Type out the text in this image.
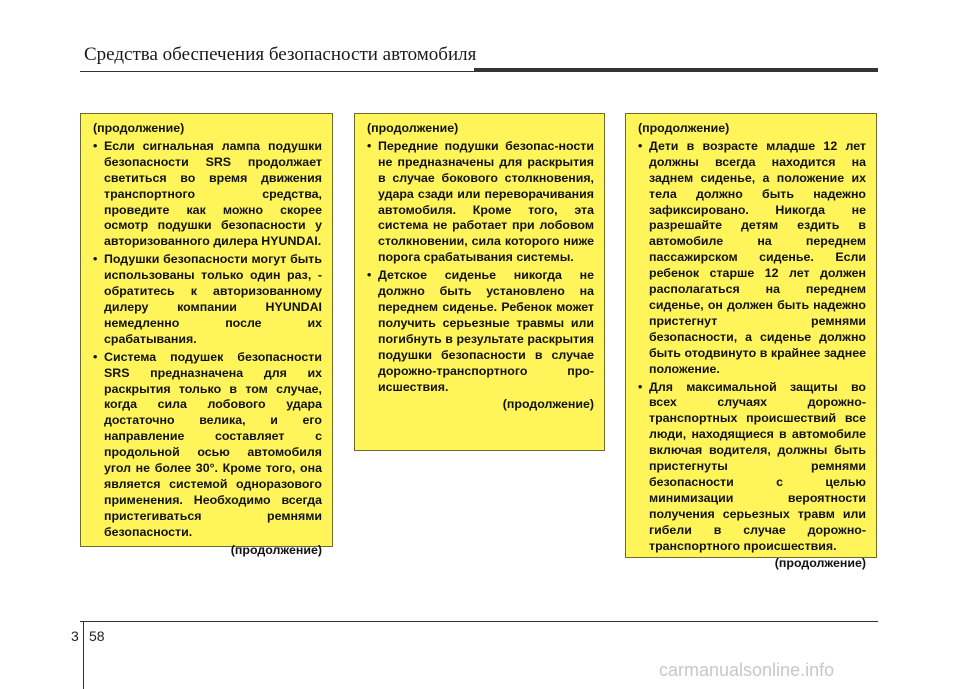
Средства обеспечения безопасности автомобиля
(продолжение)
• Если сигнальная лампа подушки безопасности SRS продолжает светиться во время движения транспортного средства, проведите как можно скорее осмотр подушки безопасности у авторизованного дилера HYUNDAI.
• Подушки безопасности могут быть использованы только один раз, - обратитесь к авторизованному дилеру компании HYUNDAI немедленно после их срабатывания.
• Система подушек безопасности SRS предназначена для их раскрытия только в том случае, когда сила лобового удара достаточно велика, и его направление составляет с продольной осью автомобиля угол не более 30°. Кроме того, она является системой одноразового применения. Необходимо всегда пристегиваться ремнями безопасности.
(продолжение)
(продолжение)
• Передние подушки безопас-ности не предназначены для раскрытия в случае бокового столкновения, удара сзади или переворачивания автомобиля. Кроме того, эта система не работает при лобовом столкновении, сила которого ниже порога срабатывания системы.
• Детское сиденье никогда не должно быть установлено на переднем сиденье. Ребенок может получить серьезные травмы или погибнуть в результате раскрытия подушки безопасности в случае дорожно-транспортного про-исшествия.
(продолжение)
(продолжение)
• Дети в возрасте младше 12 лет должны всегда находится на заднем сиденье, а положение их тела должно быть надежно зафиксировано. Никогда не разрешайте детям ездить в автомобиле на переднем пассажирском сиденье. Если ребенок старше 12 лет должен располагаться на переднем сиденье, он должен быть надежно пристегнут ремнями безопасности, а сиденье должно быть отодвинуто в крайнее заднее положение.
• Для максимальной защиты во всех случаях дорожно-транспортных происшествий все люди, находящиеся в автомобиле включая водителя, должны быть пристегнуты ремнями безопасности с целью минимизации вероятности получения серьезных травм или гибели в случае дорожно-транспортного происшествия.
(продолжение)
3 58
carmanualsonline.info
